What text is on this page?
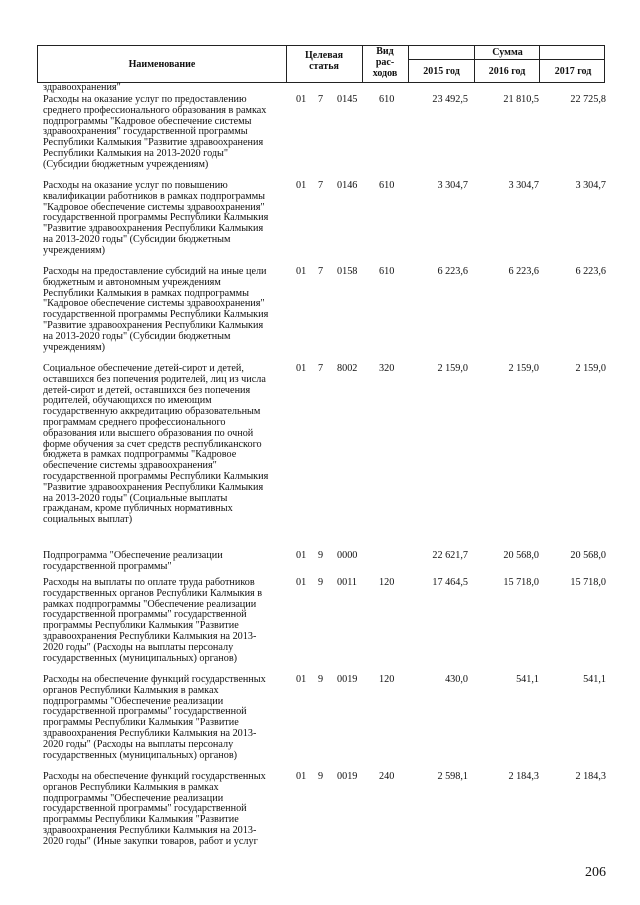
Наименование
Целевая
статья
Вид
рас-
ходов
Сумма
2015 год	2016 год	2017 год
здравоохранения"
Расходы на оказание услуг по предоставлению
среднего профессионального образования в рамках
подпрограммы "Кадровое обеспечение системы
здравоохранения" государственной программы
Республики Калмыкия "Развитие здравоохранения
Республики Калмыкия на 2013-2020 годы"
(Субсидии бюджетным учреждениям)
01 7 0145 610	23 492,5	21 810,5	22 725,8
Расходы на оказание услуг по повышению
квалификации работников в рамках подпрограммы
"Кадровое обеспечение системы здравоохранения"
государственной программы Республики Калмыкия
"Развитие здравоохранения Республики Калмыкия
на 2013-2020 годы" (Субсидии бюджетным
учреждениям)
01 7 0146 610	3 304,7	3 304,7	3 304,7
Расходы на предоставление субсидий на иные цели
бюджетным и автономным учреждениям
Республики Калмыкия в рамках подпрограммы
"Кадровое обеспечение системы здравоохранения"
государственной программы Республики Калмыкия
"Развитие здравоохранения Республики Калмыкия
на 2013-2020 годы" (Субсидии бюджетным
учреждениям)
01 7 0158 610	6 223,6	6 223,6	6 223,6
Социальное обеспечение детей-сирот и детей,
оставшихся без попечения родителей, лиц из числа
детей-сирот и детей, оставшихся без попечения
родителей, обучающихся по имеющим
государственную аккредитацию образовательным
программам среднего профессионального
образования или высшего образования по очной
форме обучения за счет средств республиканского
бюджета в рамках подпрограммы "Кадровое
обеспечение системы здравоохранения"
государственной программы Республики Калмыкия
"Развитие здравоохранения Республики Калмыкия
на 2013-2020 годы" (Социальные выплаты
гражданам, кроме публичных нормативных
социальных выплат)
01 7 8002 320	2 159,0	2 159,0	2 159,0
Подпрограмма "Обеспечение реализации
государственной программы"
01 9 0000	22 621,7	20 568,0	20 568,0
Расходы на выплаты по оплате труда работников
государственных органов Республики Калмыкия в
рамках подпрограммы "Обеспечение реализации
государственной программы" государственной
программы Республики Калмыкия "Развитие
здравоохранения Республики Калмыкия на 2013-
2020 годы" (Расходы на выплаты персоналу
государственных (муниципальных) органов)
01 9 0011 120	17 464,5	15 718,0	15 718,0
Расходы на обеспечение функций государственных
органов Республики Калмыкия в рамках
подпрограммы "Обеспечение реализации
государственной программы" государственной
программы Республики Калмыкия "Развитие
здравоохранения Республики Калмыкия на 2013-
2020 годы" (Расходы на выплаты персоналу
государственных (муниципальных) органов)
01 9 0019 120	430,0	541,1	541,1
Расходы на обеспечение функций государственных
органов Республики Калмыкия в рамках
подпрограммы "Обеспечение реализации
государственной программы" государственной
программы Республики Калмыкия "Развитие
здравоохранения Республики Калмыкия на 2013-
2020 годы" (Иные закупки товаров, работ и услуг
01 9 0019 240	2 598,1	2 184,3	2 184,3
206
